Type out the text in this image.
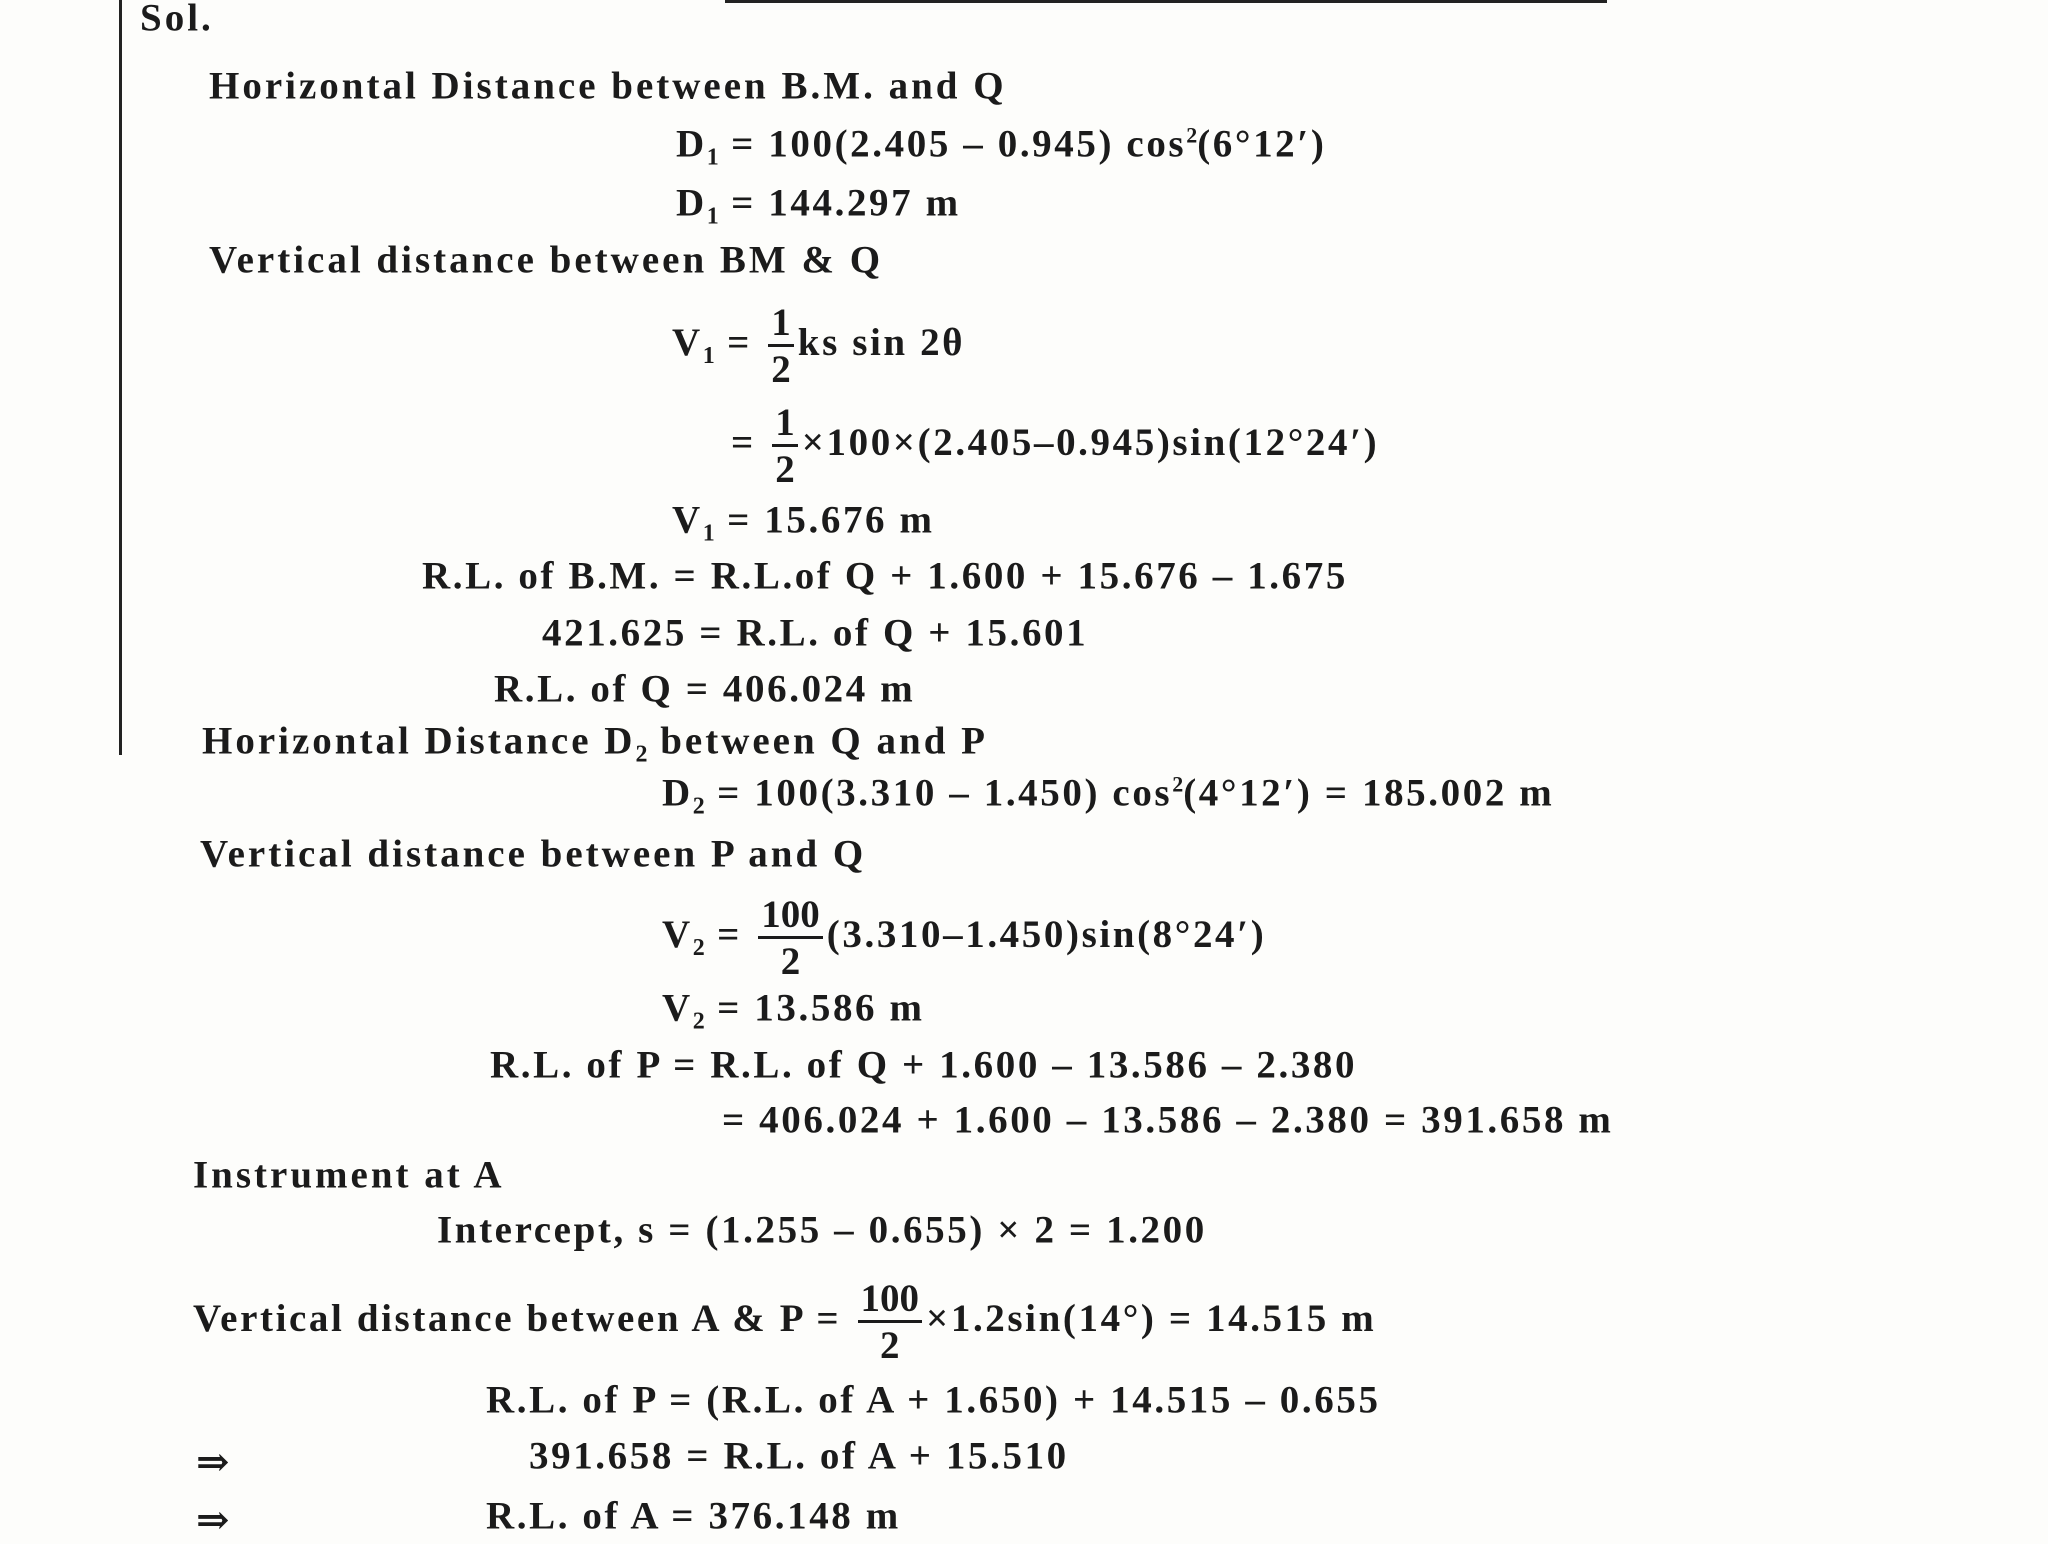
Sol.
Horizontal Distance between B.M. and Q
$D_1 = 100(2.405 - 0.945)$ $\cos^2(6^\circ 12')$
$D_1 = 144.297$ m
Vertical distance between BM & Q
$V_1 = \frac{1}{2}$ ks sin 2θ
= $\frac{1}{2} \times 100\times(2.405-0.945)\sin(12^\circ 24')$
$V_1 = 15.676$ m
R.L. of B.M. = R.L.of Q + 1.600 + 15.676 – 1.675
421.625 = R.L. of Q + 15.601
R.L. of Q = 406.024 m
Horizontal Distance $D_2$ between Q and P
$D_2 = 100(3.310 - 1.450) \cos^2(4^\circ 12') = 185.002$ m
Vertical distance between P and Q
$V_2 = \frac{100}{2} (3.310-1.450)\sin(8^\circ 24')$
$V_2 = 13.586$ m
R.L. of P = R.L. of Q + 1.600 – 13.586 – 2.380
= 406.024 + 1.600 – 13.586 – 2.380 = 391.658 m
Instrument at A
Intercept, s = (1.255 – 0.655) × 2 = 1.200
Vertical distance between A & $P = \frac{100}{2} \times 1.2\sin(14^\circ) = 14.515$ m
R.L. of P = (R.L. of A + 1.650) + 14.515 – 0.655
⇒	391.658 = R.L. of A + 15.510
⇒	R.L. of A = 376.148 m
